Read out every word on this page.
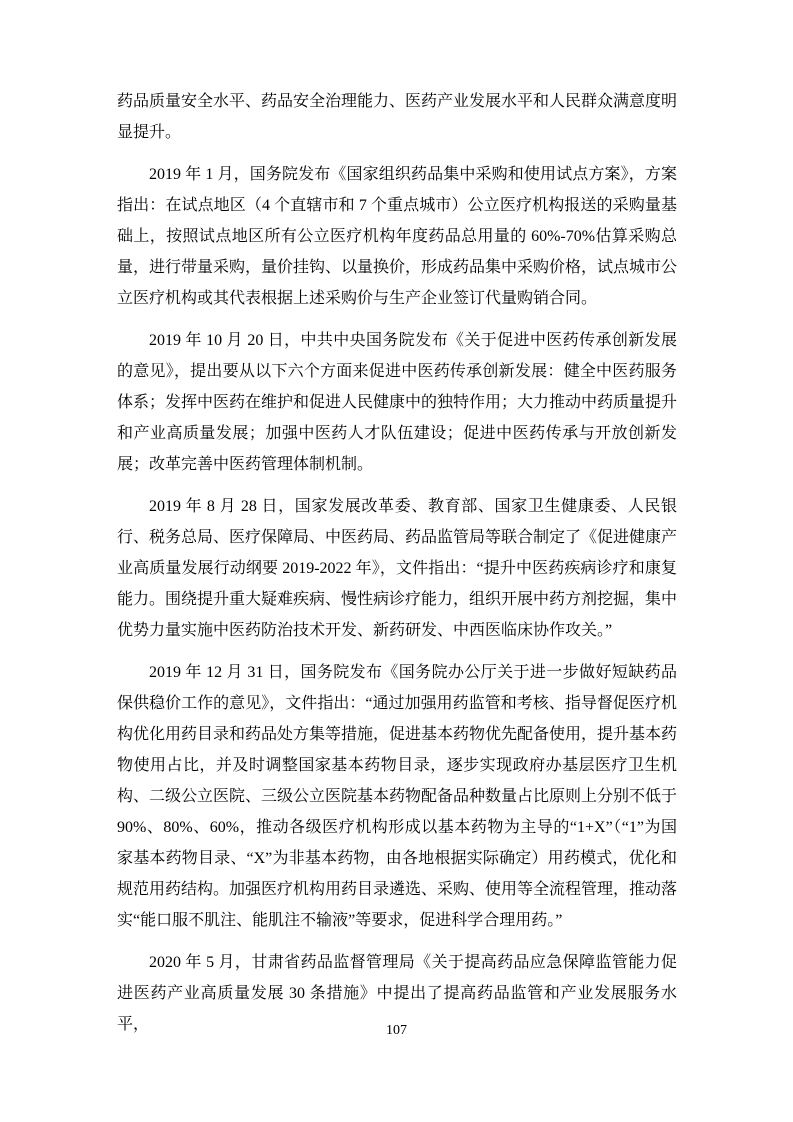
药品质量安全水平、药品安全治理能力、医药产业发展水平和人民群众满意度明显提升。

2019 年 1 月，国务院发布《国家组织药品集中采购和使用试点方案》，方案指出：在试点地区（4 个直辖市和 7 个重点城市）公立医疗机构报送的采购量基础上，按照试点地区所有公立医疗机构年度药品总用量的 60%-70%估算采购总量，进行带量采购，量价挂钩、以量换价，形成药品集中采购价格，试点城市公立医疗机构或其代表根据上述采购价与生产企业签订代量购销合同。

2019 年 10 月 20 日，中共中央国务院发布《关于促进中医药传承创新发展的意见》，提出要从以下六个方面来促进中医药传承创新发展：健全中医药服务体系；发挥中医药在维护和促进人民健康中的独特作用；大力推动中药质量提升和产业高质量发展；加强中医药人才队伍建设；促进中医药传承与开放创新发展；改革完善中医药管理体制机制。

2019 年 8 月 28 日，国家发展改革委、教育部、国家卫生健康委、人民银行、税务总局、医疗保障局、中医药局、药品监管局等联合制定了《促进健康产业高质量发展行动纲要 2019-2022 年》，文件指出：“提升中医药疾病诊疗和康复能力。围绕提升重大疑难疾病、慢性病诊疗能力，组织开展中药方剂挖掘，集中优势力量实施中医药防治技术开发、新药研发、中西医临床协作攻关。”

2019 年 12 月 31 日，国务院发布《国务院办公厅关于进一步做好短缺药品保供稳价工作的意见》，文件指出：“通过加强用药监管和考核、指导督促医疗机构优化用药目录和药品处方集等措施，促进基本药物优先配备使用，提升基本药物使用占比，并及时调整国家基本药物目录，逐步实现政府办基层医疗卫生机构、二级公立医院、三级公立医院基本药物配备品种数量占比原则上分别不低于 90%、80%、60%，推动各级医疗机构形成以基本药物为主导的“1+X”（“1”为国家基本药物目录、“X”为非基本药物，由各地根据实际确定）用药模式，优化和规范用药结构。加强医疗机构用药目录遴选、采购、使用等全流程管理，推动落实“能口服不肌注、能肌注不输液”等要求，促进科学合理用药。”

2020 年 5 月，甘肃省药品监督管理局《关于提高药品应急保障监管能力促进医药产业高质量发展 30 条措施》中提出了提高药品监管和产业发展服务水平，	107
